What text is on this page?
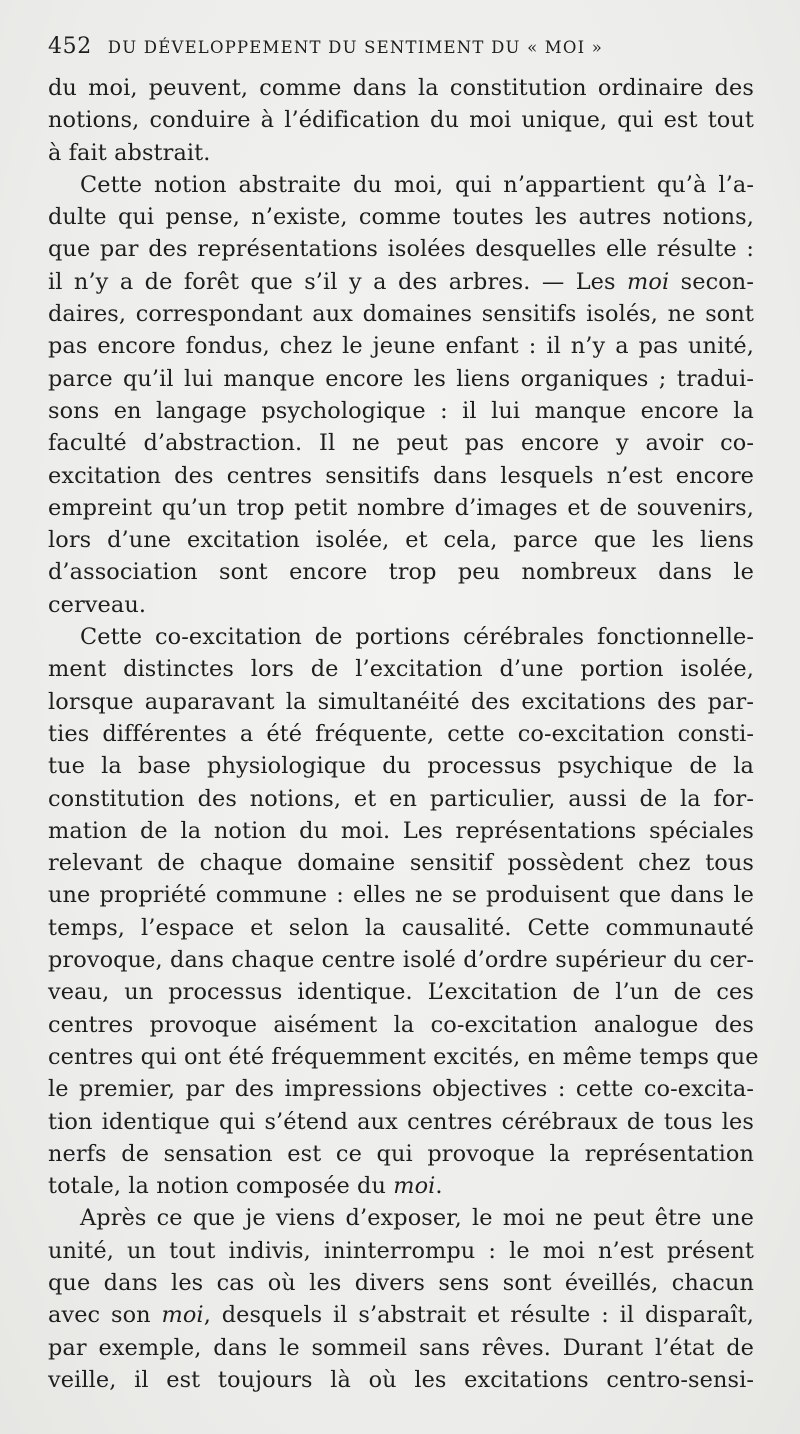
452 DU DÉVELOPPEMENT DU SENTIMENT DU « MOI »
du moi, peuvent, comme dans la constitution ordinaire des
notions, conduire à l’édification du moi unique, qui est tout
à fait abstrait.
Cette notion abstraite du moi, qui n’appartient qu’à l’a-
dulte qui pense, n’existe, comme toutes les autres notions,
que par des représentations isolées desquelles elle résulte :
il n’y a de forêt que s’il y a des arbres. — Les moi secon-
daires, correspondant aux domaines sensitifs isolés, ne sont
pas encore fondus, chez le jeune enfant : il n’y a pas unité,
parce qu’il lui manque encore les liens organiques ; tradui-
sons en langage psychologique : il lui manque encore la
faculté d’abstraction. Il ne peut pas encore y avoir co-
excitation des centres sensitifs dans lesquels n’est encore
empreint qu’un trop petit nombre d’images et de souvenirs,
lors d’une excitation isolée, et cela, parce que les liens
d’association sont encore trop peu nombreux dans le
cerveau.
Cette co-excitation de portions cérébrales fonctionnelle-
ment distinctes lors de l’excitation d’une portion isolée,
lorsque auparavant la simultanéité des excitations des par-
ties différentes a été fréquente, cette co-excitation consti-
tue la base physiologique du processus psychique de la
constitution des notions, et en particulier, aussi de la for-
mation de la notion du moi. Les représentations spéciales
relevant de chaque domaine sensitif possèdent chez tous
une propriété commune : elles ne se produisent que dans le
temps, l’espace et selon la causalité. Cette communauté
provoque, dans chaque centre isolé d’ordre supérieur du cer-
veau, un processus identique. L’excitation de l’un de ces
centres provoque aisément la co-excitation analogue des
centres qui ont été fréquemment excités, en même temps que
le premier, par des impressions objectives : cette co-excita-
tion identique qui s’étend aux centres cérébraux de tous les
nerfs de sensation est ce qui provoque la représentation
totale, la notion composée du moi.
Après ce que je viens d’exposer, le moi ne peut être une
unité, un tout indivis, ininterrompu : le moi n’est présent
que dans les cas où les divers sens sont éveillés, chacun
avec son moi, desquels il s’abstrait et résulte : il disparaît,
par exemple, dans le sommeil sans rêves. Durant l’état de
veille, il est toujours là où les excitations centro-sensi-
